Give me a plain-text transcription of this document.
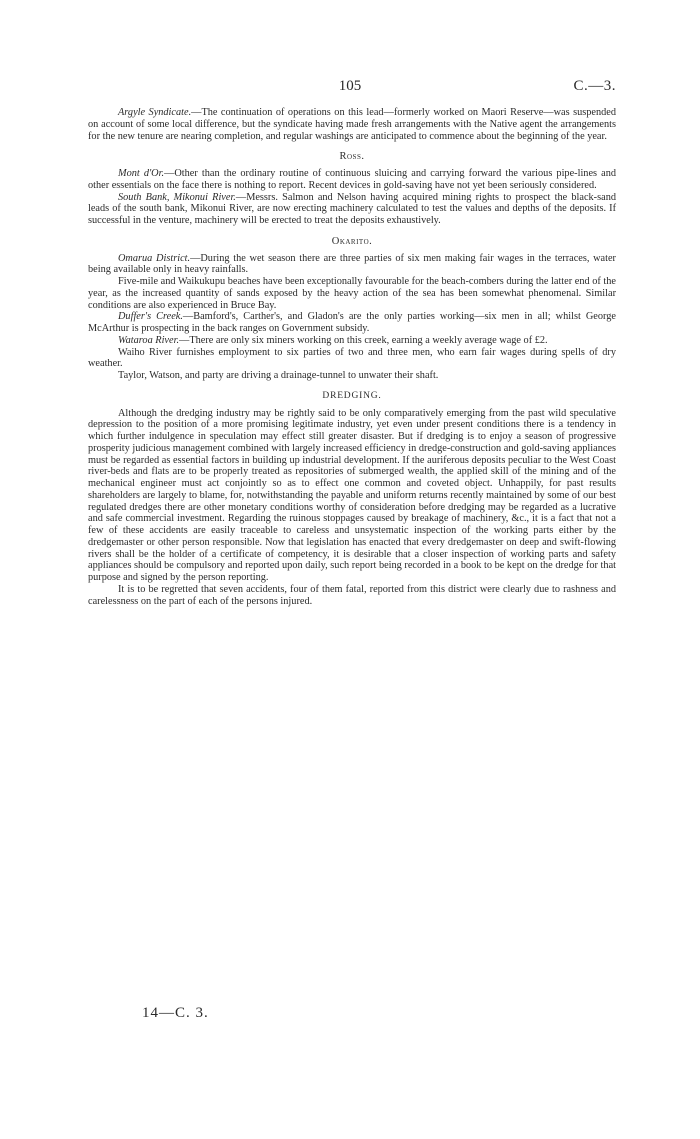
105	C.—3.

Argyle Syndicate.—The continuation of operations on this lead—formerly worked on Maori Reserve—was suspended on account of some local difference, but the syndicate having made fresh arrangements with the Native agent the arrangements for the new tenure are nearing completion, and regular washings are anticipated to commence about the beginning of the year.

Ross.

Mont d'Or.—Other than the ordinary routine of continuous sluicing and carrying forward the various pipe-lines and other essentials on the face there is nothing to report. Recent devices in gold-saving have not yet been seriously considered.

South Bank, Mikonui River.—Messrs. Salmon and Nelson having acquired mining rights to prospect the black-sand leads of the south bank, Mikonui River, are now erecting machinery calculated to test the values and depths of the deposits. If successful in the venture, machinery will be erected to treat the deposits exhaustively.

Okarito.

Omarua District.—During the wet season there are three parties of six men making fair wages in the terraces, water being available only in heavy rainfalls.

Five-mile and Waikukupu beaches have been exceptionally favourable for the beach-combers during the latter end of the year, as the increased quantity of sands exposed by the heavy action of the sea has been somewhat phenomenal. Similar conditions are also experienced in Bruce Bay.

Duffer's Creek.—Bamford's, Carther's, and Gladon's are the only parties working—six men in all; whilst George McArthur is prospecting in the back ranges on Government subsidy.

Wataroa River.—There are only six miners working on this creek, earning a weekly average wage of £2.

Waiho River furnishes employment to six parties of two and three men, who earn fair wages during spells of dry weather.

Taylor, Watson, and party are driving a drainage-tunnel to unwater their shaft.

DREDGING.

Although the dredging industry may be rightly said to be only comparatively emerging from the past wild speculative depression to the position of a more promising legitimate industry, yet even under present conditions there is a tendency in which further indulgence in speculation may effect still greater disaster. But if dredging is to enjoy a season of progressive prosperity judicious management combined with largely increased efficiency in dredge-construction and gold-saving appliances must be regarded as essential factors in building up industrial development. If the auriferous deposits peculiar to the West Coast river-beds and flats are to be properly treated as repositories of submerged wealth, the applied skill of the mining and of the mechanical engineer must act conjointly so as to effect one common and coveted object. Unhappily, for past results shareholders are largely to blame, for, notwithstanding the payable and uniform returns recently maintained by some of our best regulated dredges there are other monetary conditions worthy of consideration before dredging may be regarded as a lucrative and safe commercial investment. Regarding the ruinous stoppages caused by breakage of machinery, &c., it is a fact that not a few of these accidents are easily traceable to careless and unsystematic inspection of the working parts either by the dredgemaster or other person responsible. Now that legislation has enacted that every dredgemaster on deep and swift-flowing rivers shall be the holder of a certificate of competency, it is desirable that a closer inspection of working parts and safety appliances should be compulsory and reported upon daily, such report being recorded in a book to be kept on the dredge for that purpose and signed by the person reporting.

It is to be regretted that seven accidents, four of them fatal, reported from this district were clearly due to rashness and carelessness on the part of each of the persons injured.

14—C. 3.
